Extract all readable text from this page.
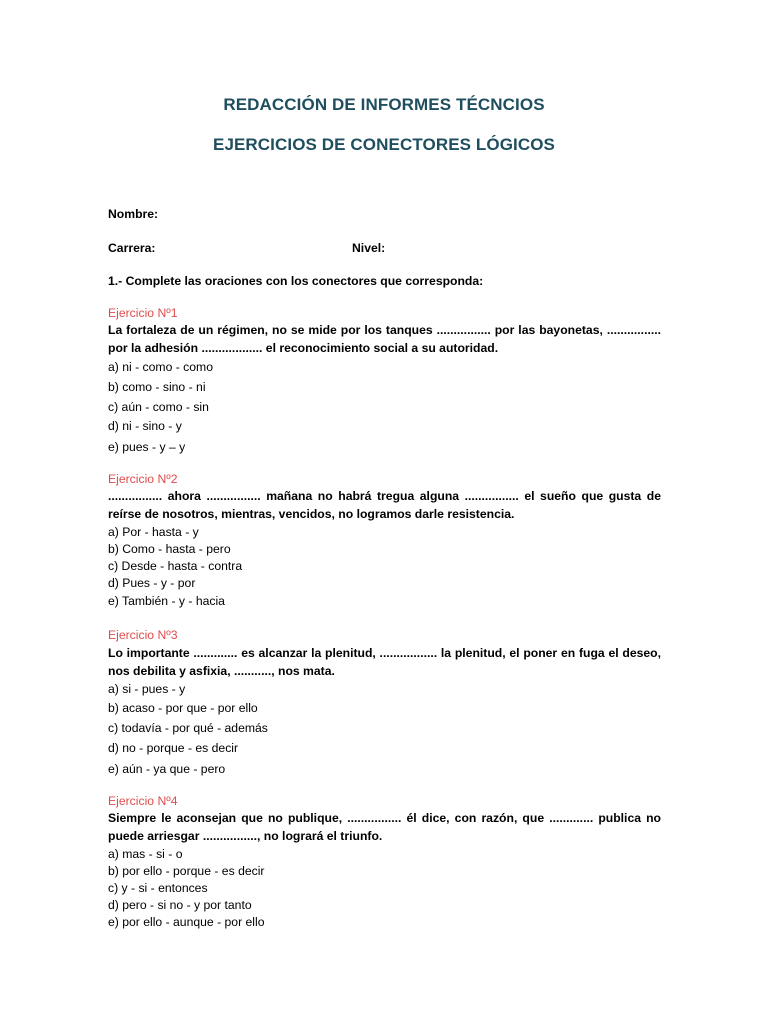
REDACCIÓN DE INFORMES TÉCNCIOS
EJERCICIOS DE CONECTORES LÓGICOS
Nombre:
Carrera:	Nivel:
1.- Complete las oraciones con los conectores que corresponda:
Ejercicio Nº1
La fortaleza de un régimen, no se mide por los tanques ................ por las bayonetas, ................ por la adhesión .................. el reconocimiento social a su autoridad.
a) ni - como - como
b) como - sino - ni
c) aún - como - sin
d) ni - sino - y
e) pues - y – y
Ejercicio Nº2
................ ahora ................ mañana no habrá tregua alguna ................ el sueño que gusta de reírse de nosotros, mientras, vencidos, no logramos darle resistencia.
a) Por - hasta - y
b) Como - hasta - pero
c) Desde - hasta - contra
d) Pues - y - por
e) También - y - hacia
Ejercicio Nº3
Lo importante ............. es alcanzar la plenitud, ................. la plenitud, el poner en fuga el deseo, nos debilita y asfixia, ..........., nos mata.
a) si - pues - y
b) acaso - por que - por ello
c) todavía - por qué - además
d) no - porque - es decir
e) aún - ya que - pero
Ejercicio Nº4
Siempre le aconsejan que no publique, ................ él dice, con razón, que ............. publica no puede arriesgar ................, no logrará el triunfo.
a) mas - si - o
b) por ello - porque - es decir
c) y - si - entonces
d) pero - si no - y por tanto
e) por ello - aunque - por ello
